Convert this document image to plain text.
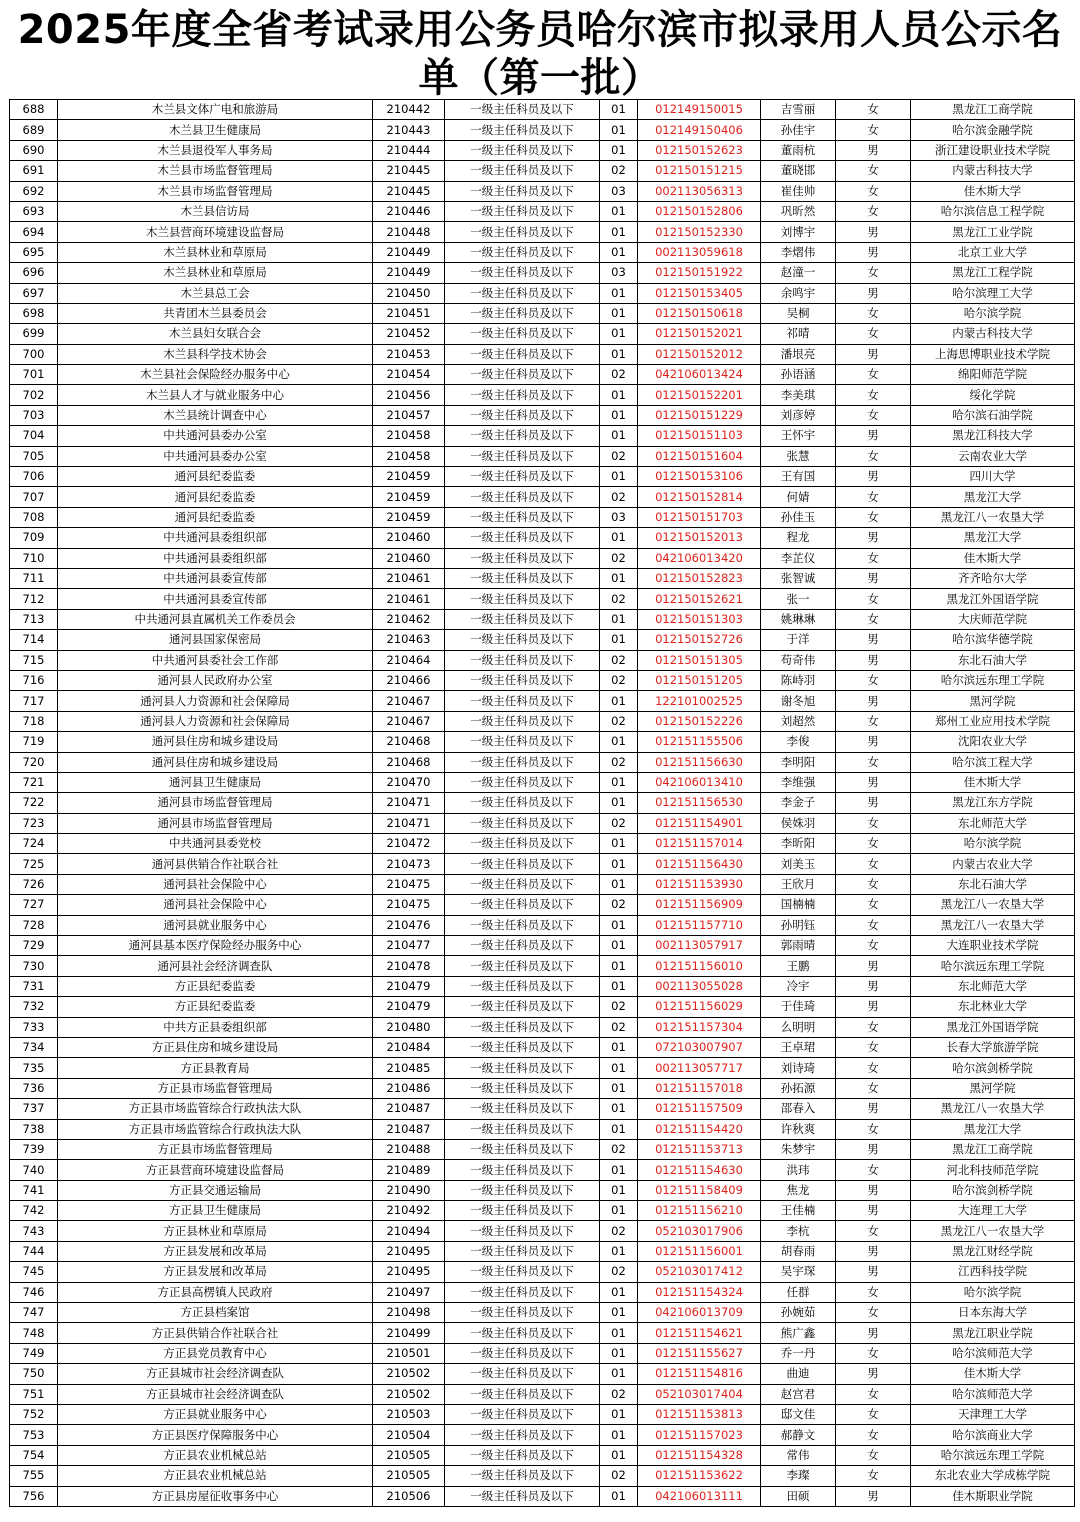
2025年度全省考试录用公务员哈尔滨市拟录用人员公示名单（第一批）
688	木兰县文体广电和旅游局	210442	一级主任科员及以下	01	012149150015	吉雪丽	女	黑龙江工商学院
689	木兰县卫生健康局	210443	一级主任科员及以下	01	012149150406	孙佳宇	女	哈尔滨金融学院
690	木兰县退役军人事务局	210444	一级主任科员及以下	01	012150152623	董雨杭	男	浙江建设职业技术学院
691	木兰县市场监督管理局	210445	一级主任科员及以下	02	012150151215	董晓邯	女	内蒙古科技大学
692	木兰县市场监督管理局	210445	一级主任科员及以下	03	002113056313	崔佳帅	女	佳木斯大学
693	木兰县信访局	210446	一级主任科员及以下	01	012150152806	巩昕然	女	哈尔滨信息工程学院
694	木兰县营商环境建设监督局	210448	一级主任科员及以下	01	012150152330	刘博宇	男	黑龙江工业学院
695	木兰县林业和草原局	210449	一级主任科员及以下	01	002113059618	李熠伟	男	北京工业大学
696	木兰县林业和草原局	210449	一级主任科员及以下	03	012150151922	赵潼一	女	黑龙江工程学院
697	木兰县总工会	210450	一级主任科员及以下	01	012150153405	余鸣宇	男	哈尔滨理工大学
698	共青团木兰县委员会	210451	一级主任科员及以下	01	012150150618	吴桐	女	哈尔滨学院
699	木兰县妇女联合会	210452	一级主任科员及以下	01	012150152021	祁晴	女	内蒙古科技大学
700	木兰县科学技术协会	210453	一级主任科员及以下	01	012150152012	潘垠亮	男	上海思博职业技术学院
701	木兰县社会保险经办服务中心	210454	一级主任科员及以下	02	042106013424	孙语涵	女	绵阳师范学院
702	木兰县人才与就业服务中心	210456	一级主任科员及以下	01	012150152201	李美琪	女	绥化学院
703	木兰县统计调查中心	210457	一级主任科员及以下	01	012150151229	刘彦婷	女	哈尔滨石油学院
704	中共通河县委办公室	210458	一级主任科员及以下	01	012150151103	王怀宇	男	黑龙江科技大学
705	中共通河县委办公室	210458	一级主任科员及以下	02	012150151604	张慧	女	云南农业大学
706	通河县纪委监委	210459	一级主任科员及以下	01	012150153106	王有国	男	四川大学
707	通河县纪委监委	210459	一级主任科员及以下	02	012150152814	何婧	女	黑龙江大学
708	通河县纪委监委	210459	一级主任科员及以下	03	012150151703	孙佳玉	女	黑龙江八一农垦大学
709	中共通河县委组织部	210460	一级主任科员及以下	01	012150152013	程龙	男	黑龙江大学
710	中共通河县委组织部	210460	一级主任科员及以下	02	042106013420	李芷仪	女	佳木斯大学
711	中共通河县委宣传部	210461	一级主任科员及以下	01	012150152823	张智诚	男	齐齐哈尔大学
712	中共通河县委宣传部	210461	一级主任科员及以下	02	012150152621	张一	女	黑龙江外国语学院
713	中共通河县直属机关工作委员会	210462	一级主任科员及以下	01	012150151303	姚琳琳	女	大庆师范学院
714	通河县国家保密局	210463	一级主任科员及以下	01	012150152726	于洋	男	哈尔滨华德学院
715	中共通河县委社会工作部	210464	一级主任科员及以下	02	012150151305	苟奇伟	男	东北石油大学
716	通河县人民政府办公室	210466	一级主任科员及以下	02	012150151205	陈峙羽	女	哈尔滨远东理工学院
717	通河县人力资源和社会保障局	210467	一级主任科员及以下	01	122101002525	谢冬旭	男	黑河学院
718	通河县人力资源和社会保障局	210467	一级主任科员及以下	02	012150152226	刘超然	女	郑州工业应用技术学院
719	通河县住房和城乡建设局	210468	一级主任科员及以下	01	012151155506	李俊	男	沈阳农业大学
720	通河县住房和城乡建设局	210468	一级主任科员及以下	02	012151156630	李明阳	女	哈尔滨工程大学
721	通河县卫生健康局	210470	一级主任科员及以下	01	042106013410	李维强	男	佳木斯大学
722	通河县市场监督管理局	210471	一级主任科员及以下	01	012151156530	李金子	男	黑龙江东方学院
723	通河县市场监督管理局	210471	一级主任科员及以下	02	012151154901	侯姝羽	女	东北师范大学
724	中共通河县委党校	210472	一级主任科员及以下	01	012151157014	李昕阳	女	哈尔滨学院
725	通河县供销合作社联合社	210473	一级主任科员及以下	01	012151156430	刘美玉	女	内蒙古农业大学
726	通河县社会保险中心	210475	一级主任科员及以下	01	012151153930	王欣月	女	东北石油大学
727	通河县社会保险中心	210475	一级主任科员及以下	02	012151156909	国楠楠	女	黑龙江八一农垦大学
728	通河县就业服务中心	210476	一级主任科员及以下	01	012151157710	孙明钰	女	黑龙江八一农垦大学
729	通河县基本医疗保险经办服务中心	210477	一级主任科员及以下	01	002113057917	郭雨晴	女	大连职业技术学院
730	通河县社会经济调查队	210478	一级主任科员及以下	01	012151156010	王鹏	男	哈尔滨远东理工学院
731	方正县纪委监委	210479	一级主任科员及以下	01	002113055028	冷宇	男	东北师范大学
732	方正县纪委监委	210479	一级主任科员及以下	02	012151156029	于佳琦	男	东北林业大学
733	中共方正县委组织部	210480	一级主任科员及以下	02	012151157304	么明明	女	黑龙江外国语学院
734	方正县住房和城乡建设局	210484	一级主任科员及以下	01	072103007907	王卓珺	女	长春大学旅游学院
735	方正县教育局	210485	一级主任科员及以下	01	002113057717	刘诗琦	女	哈尔滨剑桥学院
736	方正县市场监督管理局	210486	一级主任科员及以下	01	012151157018	孙拓源	女	黑河学院
737	方正县市场监管综合行政执法大队	210487	一级主任科员及以下	01	012151157509	邵春入	男	黑龙江八一农垦大学
738	方正县市场监管综合行政执法大队	210487	一级主任科员及以下	01	012151154420	许秋爽	女	黑龙江大学
739	方正县市场监督管理局	210488	一级主任科员及以下	02	012151153713	朱梦宇	男	黑龙江工商学院
740	方正县营商环境建设监督局	210489	一级主任科员及以下	01	012151154630	洪玮	女	河北科技师范学院
741	方正县交通运输局	210490	一级主任科员及以下	01	012151158409	焦龙	男	哈尔滨剑桥学院
742	方正县卫生健康局	210492	一级主任科员及以下	01	012151156210	王佳楠	男	大连理工大学
743	方正县林业和草原局	210494	一级主任科员及以下	02	052103017906	李杭	女	黑龙江八一农垦大学
744	方正县发展和改革局	210495	一级主任科员及以下	01	012151156001	胡春雨	男	黑龙江财经学院
745	方正县发展和改革局	210495	一级主任科员及以下	02	052103017412	吴宇琛	男	江西科技学院
746	方正县高楞镇人民政府	210497	一级主任科员及以下	01	012151154324	任群	女	哈尔滨学院
747	方正县档案馆	210498	一级主任科员及以下	01	042106013709	孙婉茹	女	日本东海大学
748	方正县供销合作社联合社	210499	一级主任科员及以下	01	012151154621	熊广鑫	男	黑龙江职业学院
749	方正县党员教育中心	210501	一级主任科员及以下	01	012151155627	乔一丹	女	哈尔滨师范大学
750	方正县城市社会经济调查队	210502	一级主任科员及以下	01	012151154816	曲迪	男	佳木斯大学
751	方正县城市社会经济调查队	210502	一级主任科员及以下	02	052103017404	赵宫君	女	哈尔滨师范大学
752	方正县就业服务中心	210503	一级主任科员及以下	01	012151153813	邸文佳	女	天津理工大学
753	方正县医疗保障服务中心	210504	一级主任科员及以下	01	012151157023	郝静文	女	哈尔滨商业大学
754	方正县农业机械总站	210505	一级主任科员及以下	01	012151154328	常伟	女	哈尔滨远东理工学院
755	方正县农业机械总站	210505	一级主任科员及以下	02	012151153622	李璨	女	东北农业大学成栋学院
756	方正县房屋征收事务中心	210506	一级主任科员及以下	01	042106013111	田硕	男	佳木斯职业学院
